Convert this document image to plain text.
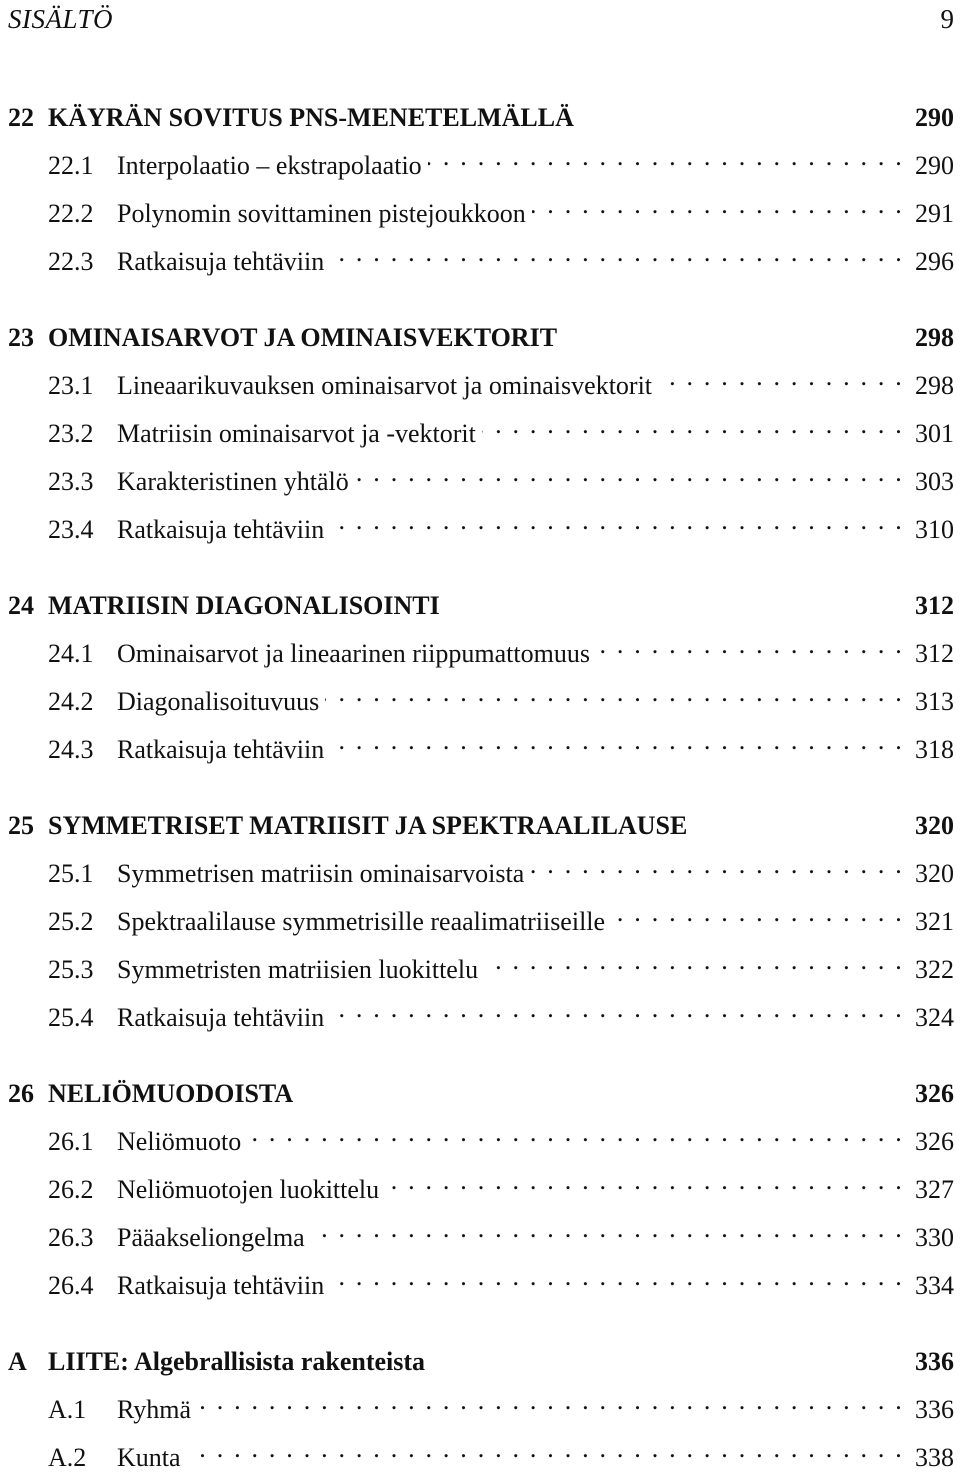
SISÄLTÖ	9
22 KÄYRÄN SOVITUS PNS-MENETELMÄLLÄ	290
22.1 Interpolaatio – ekstrapolaatio . . .	290
22.2 Polynomin sovittaminen pistejoukkoon . . .	291
22.3 Ratkaisuja tehtäviin . . .	296
23 OMINAISARVOT JA OMINAISVEKTORIT	298
23.1 Lineaarikuvauksen ominaisarvot ja ominaisvektorit . . .	298
23.2 Matriisin ominaisarvot ja -vektorit . . .	301
23.3 Karakteristinen yhtälö . . .	303
23.4 Ratkaisuja tehtäviin . . .	310
24 MATRIISIN DIAGONALISOINTI	312
24.1 Ominaisarvot ja lineaarinen riippumattomuus . . .	312
24.2 Diagonalisoituvuus . . .	313
24.3 Ratkaisuja tehtäviin . . .	318
25 SYMMETRISET MATRIISIT JA SPEKTRAALILAUSE	320
25.1 Symmetrisen matriisin ominaisarvoista . . .	320
25.2 Spektraalilause symmetrisille reaalimatriiseille . . .	321
25.3 Symmetristen matriisien luokittelu . . .	322
25.4 Ratkaisuja tehtäviin . . .	324
26 NELIÖMUODOISTA	326
26.1 Neliömuoto . . .	326
26.2 Neliömuotojen luokittelu . . .	327
26.3 Pääakseliongelma . . .	330
26.4 Ratkaisuja tehtäviin . . .	334
A LIITE: Algebrallisista rakenteista	336
A.1	Ryhmä . . .	336
A.2	Kunta . . .	338
